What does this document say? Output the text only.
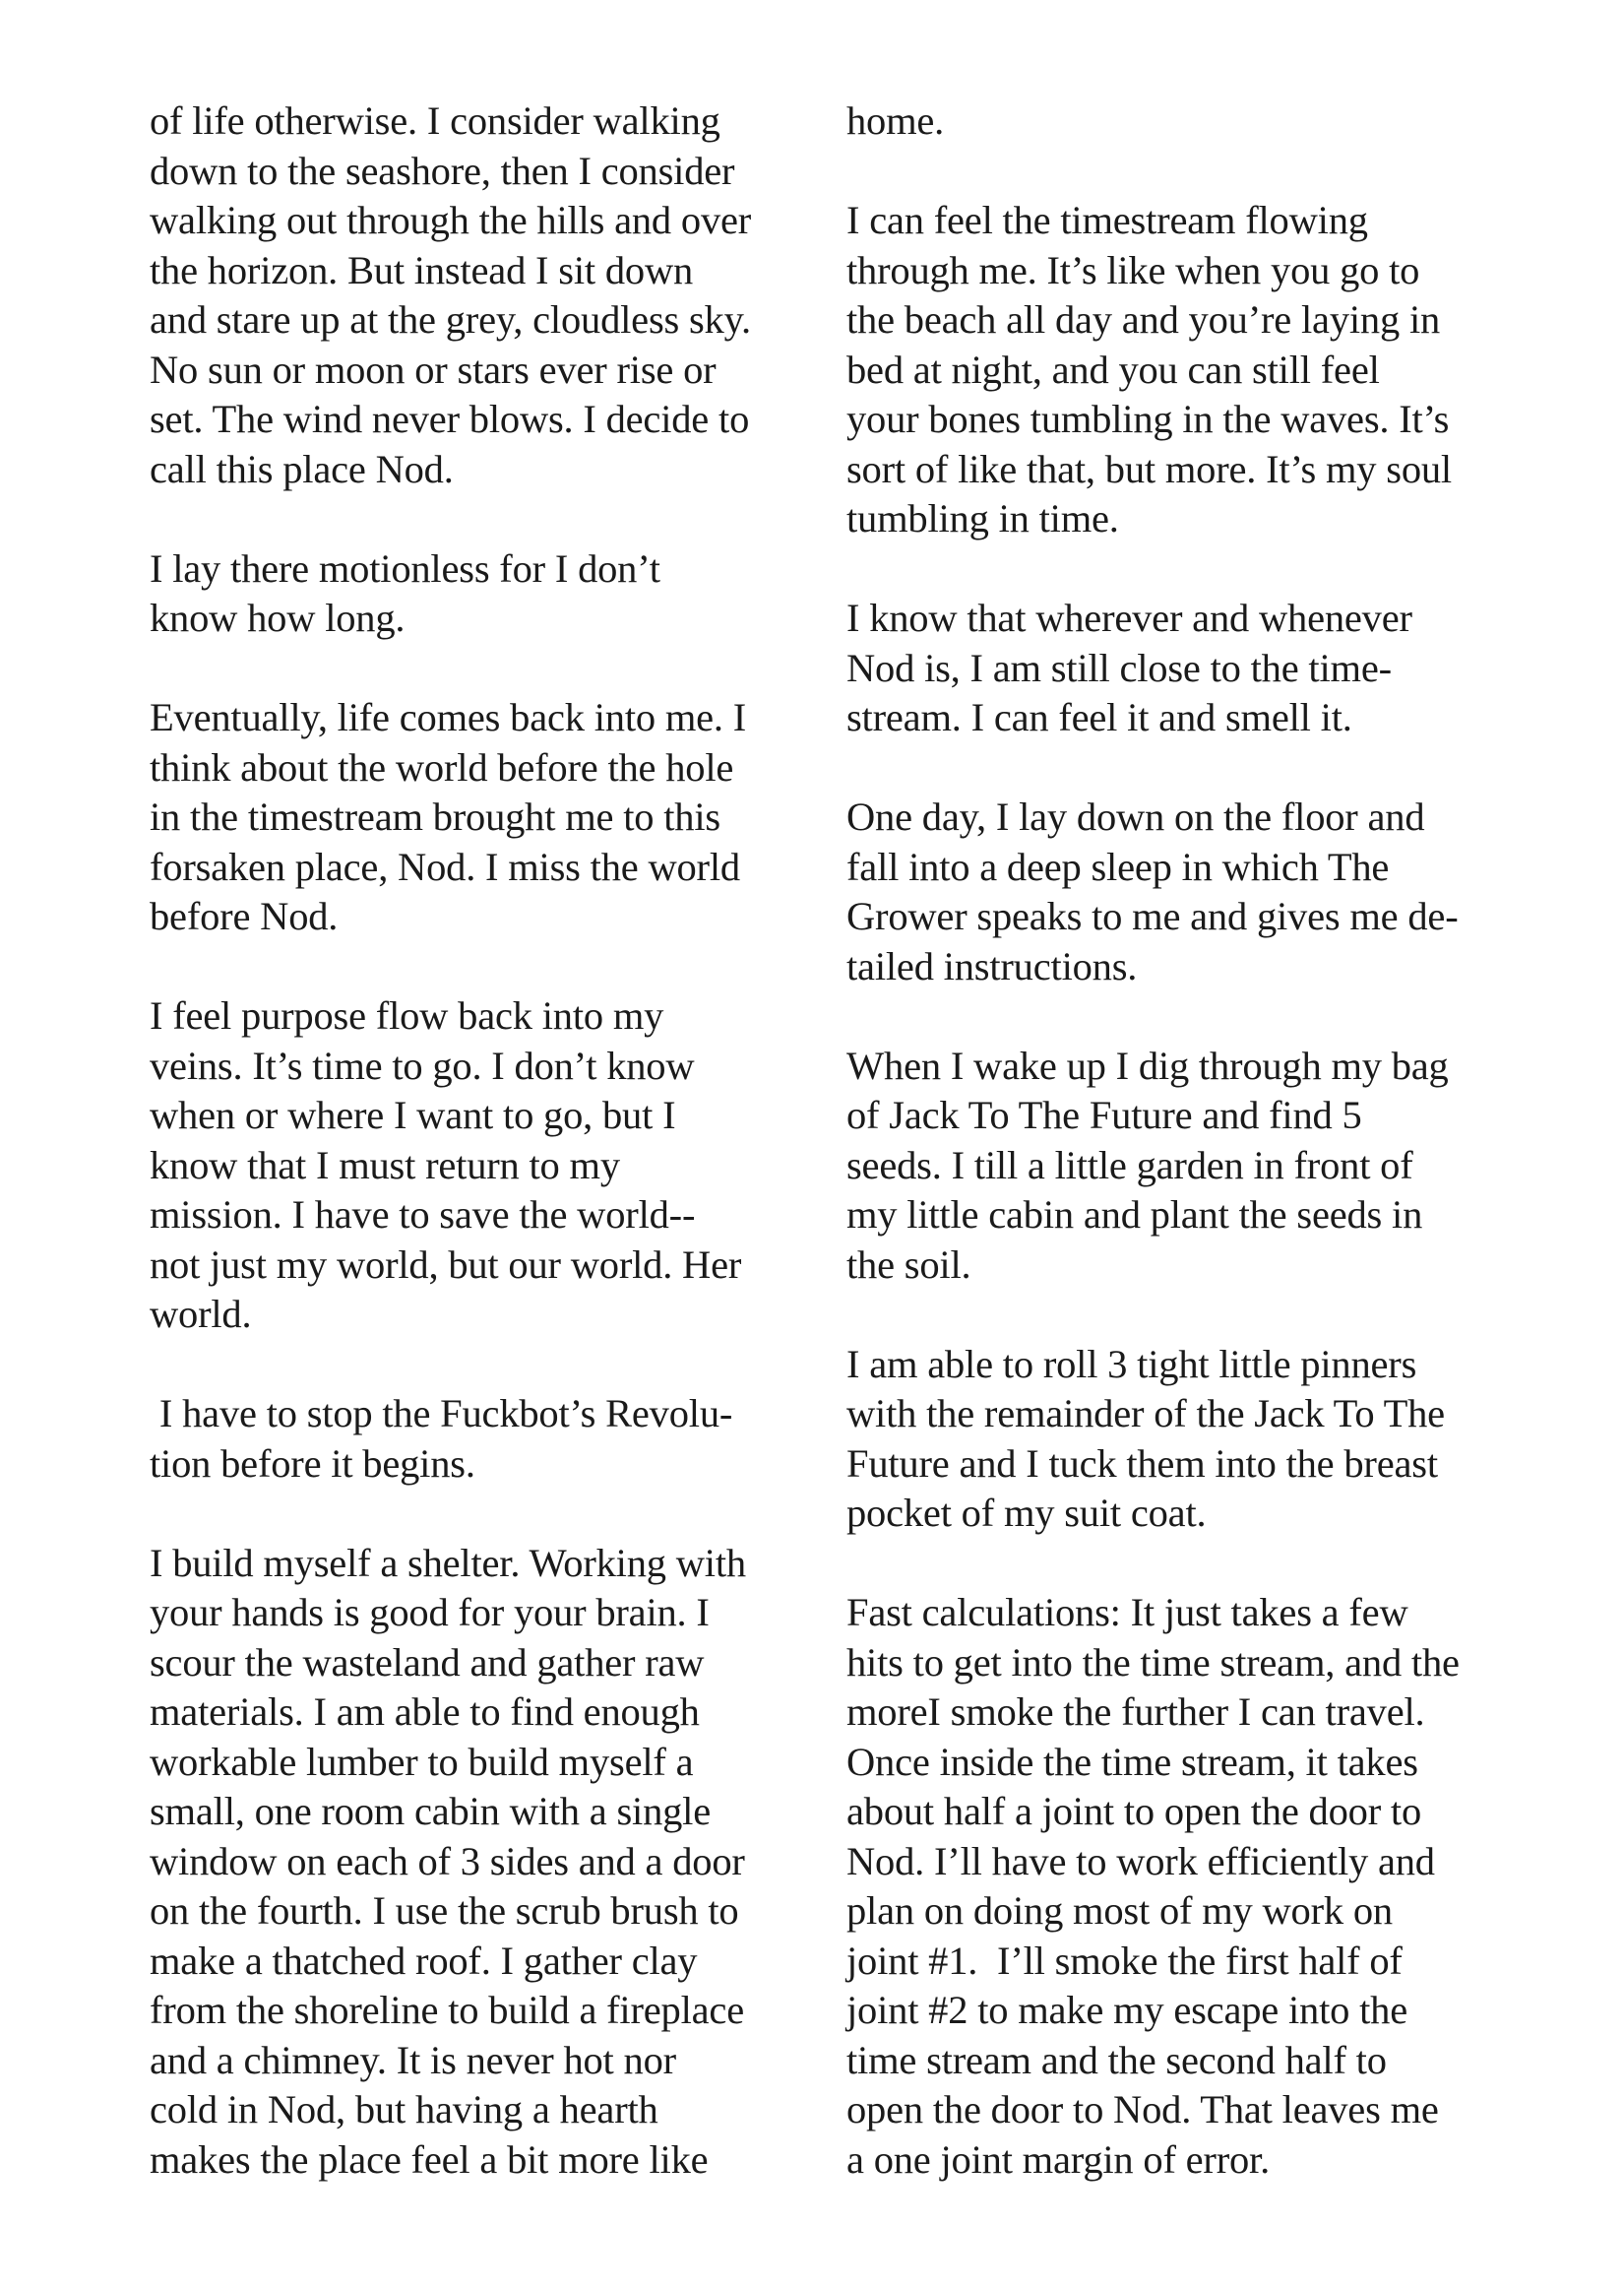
of life otherwise. I consider walking
down to the seashore, then I consider
walking out through the hills and over
the horizon. But instead I sit down
and stare up at the grey, cloudless sky.
No sun or moon or stars ever rise or
set. The wind never blows. I decide to
call this place Nod.
I lay there motionless for I don’t
know how long.
Eventually, life comes back into me. I
think about the world before the hole
in the timestream brought me to this
forsaken place, Nod. I miss the world
before Nod.
I feel purpose flow back into my
veins. It’s time to go. I don’t know
when or where I want to go, but I
know that I must return to my
mission. I have to save the world--
not just my world, but our world. Her
world.
I have to stop the Fuckbot’s Revolu-
tion before it begins.
I build myself a shelter. Working with
your hands is good for your brain. I
scour the wasteland and gather raw
materials. I am able to find enough
workable lumber to build myself a
small, one room cabin with a single
window on each of 3 sides and a door
on the fourth. I use the scrub brush to
make a thatched roof. I gather clay
from the shoreline to build a fireplace
and a chimney. It is never hot nor
cold in Nod, but having a hearth
makes the place feel a bit more like
home.
I can feel the timestream flowing
through me. It’s like when you go to
the beach all day and you’re laying in
bed at night, and you can still feel
your bones tumbling in the waves. It’s
sort of like that, but more. It’s my soul
tumbling in time.
I know that wherever and whenever
Nod is, I am still close to the time-
stream. I can feel it and smell it.
One day, I lay down on the floor and
fall into a deep sleep in which The
Grower speaks to me and gives me de-
tailed instructions.
When I wake up I dig through my bag
of Jack To The Future and find 5
seeds. I till a little garden in front of
my little cabin and plant the seeds in
the soil.
I am able to roll 3 tight little pinners
with the remainder of the Jack To The
Future and I tuck them into the breast
pocket of my suit coat.
Fast calculations: It just takes a few
hits to get into the time stream, and the
moreI smoke the further I can travel.
Once inside the time stream, it takes
about half a joint to open the door to
Nod. I’ll have to work efficiently and
plan on doing most of my work on
joint #1.  I’ll smoke the first half of
joint #2 to make my escape into the
time stream and the second half to
open the door to Nod. That leaves me
a one joint margin of error.
